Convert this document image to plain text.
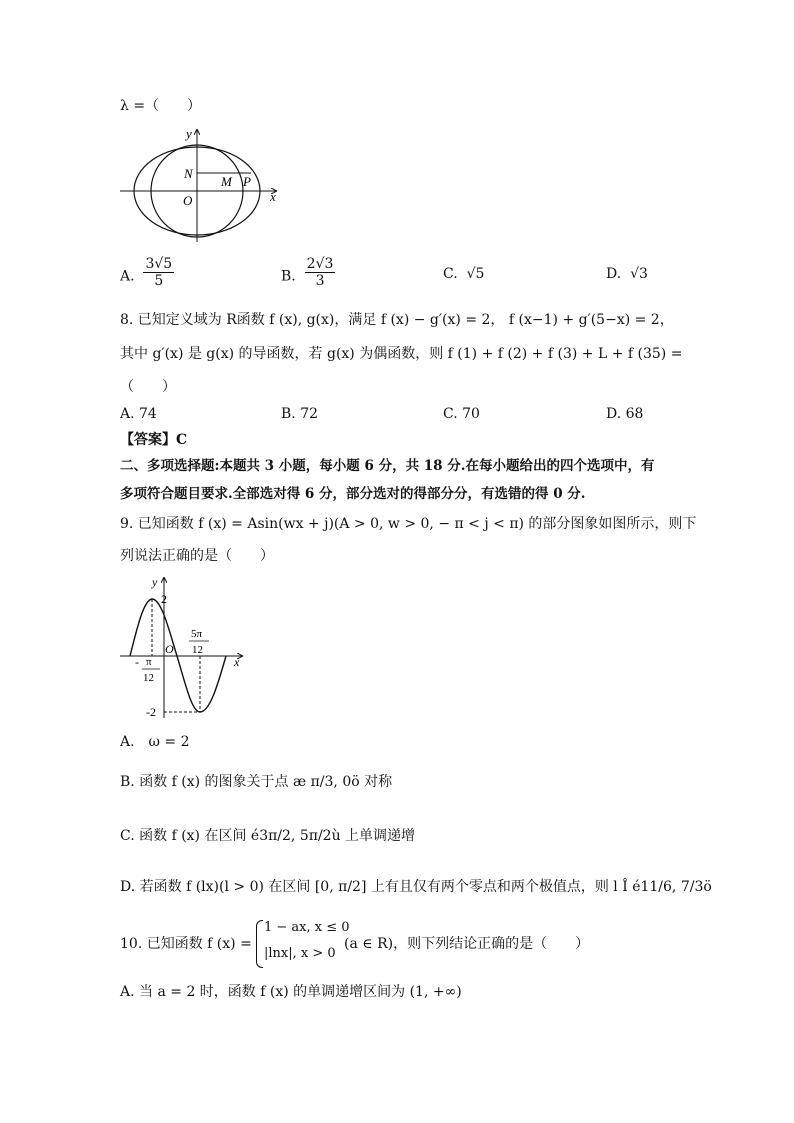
λ =（　　）
y
x
N
M P
O
A. $\frac{3√5}{5}$	B. $\frac{2√3}{3}$	C. √5	D. √3
8. 已知定义域为 R函数 f (x), g(x)，满足 f (x) − g′(x) = 2， f (x−1) + g′(5−x) = 2，
其中 g′(x) 是 g(x) 的导函数，若 g(x) 为偶函数，则 f (1) + f (2) + f (3) + L + f (35) =
（　　）
A. 74	B. 72	C. 70	D. 68
【答案】C
二、多项选择题:本题共 3 小题，每小题 6 分，共 18 分.在每小题给出的四个选项中，有
多项符合题目要求.全部选对得 6 分，部分选对的得部分分，有选错的得 0 分.
9. 已知函数 f (x) = Asin(wx + j)(A > 0, w > 0, − π < j < π) 的部分图象如图所示，则下
列说法正确的是（　　）
y
x
2
O
-2
- π
12
5π
12
A.　ω = 2
B. 函数 f (x) 的图象关于点 æ π/3, 0ö 对称
C. 函数 f (x) 在区间 é3π/2, 5π/2ù 上单调递增
D. 若函数 f (lx)(l > 0) 在区间 [0, π/2] 上有且仅有两个零点和两个极值点，则 l Î é11/6, 7/3ö
10. 已知函数 f (x) =
1 − ax, x ≤ 0
|lnx|, x > 0
(a ∈ R)，则下列结论正确的是（　　）
A. 当 a = 2 时，函数 f (x) 的单调递增区间为 (1, +∞)
